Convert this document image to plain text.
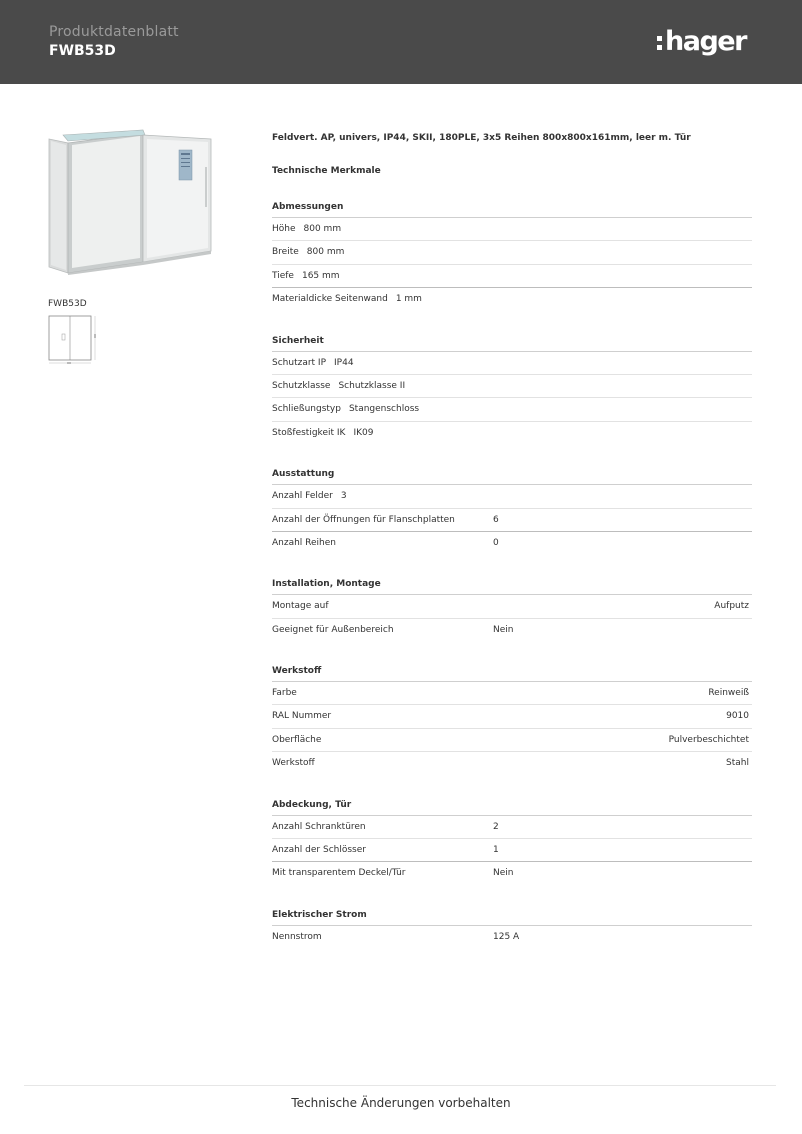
Produktdatenblatt
FWB53D	hager
FWB53D
Feldvert. AP, univers, IP44, SKII, 180PLE, 3x5 Reihen 800x800x161mm, leer m. Tür
Technische Merkmale
Abmessungen
Höhe 800 mm
Breite 800 mm
Tiefe 165 mm
Materialdicke Seitenwand 1 mm
Sicherheit
Schutzart IP IP44
Schutzklasse Schutzklasse II
Schließungstyp Stangenschloss
Stoßfestigkeit IK IK09
Ausstattung
Anzahl Felder 3
Anzahl der Öffnungen für Flanschplatten	6
Anzahl Reihen	0
Installation, Montage
Montage auf	Aufputz
Geeignet für Außenbereich	Nein
Werkstoff
Farbe	Reinweiß
RAL Nummer	9010
Oberfläche	Pulverbeschichtet
Werkstoff	Stahl
Abdeckung, Tür
Anzahl Schranktüren	2
Anzahl der Schlösser	1
Mit transparentem Deckel/Tür	Nein
Elektrischer Strom
Nennstrom	125 A
Technische Änderungen vorbehalten
